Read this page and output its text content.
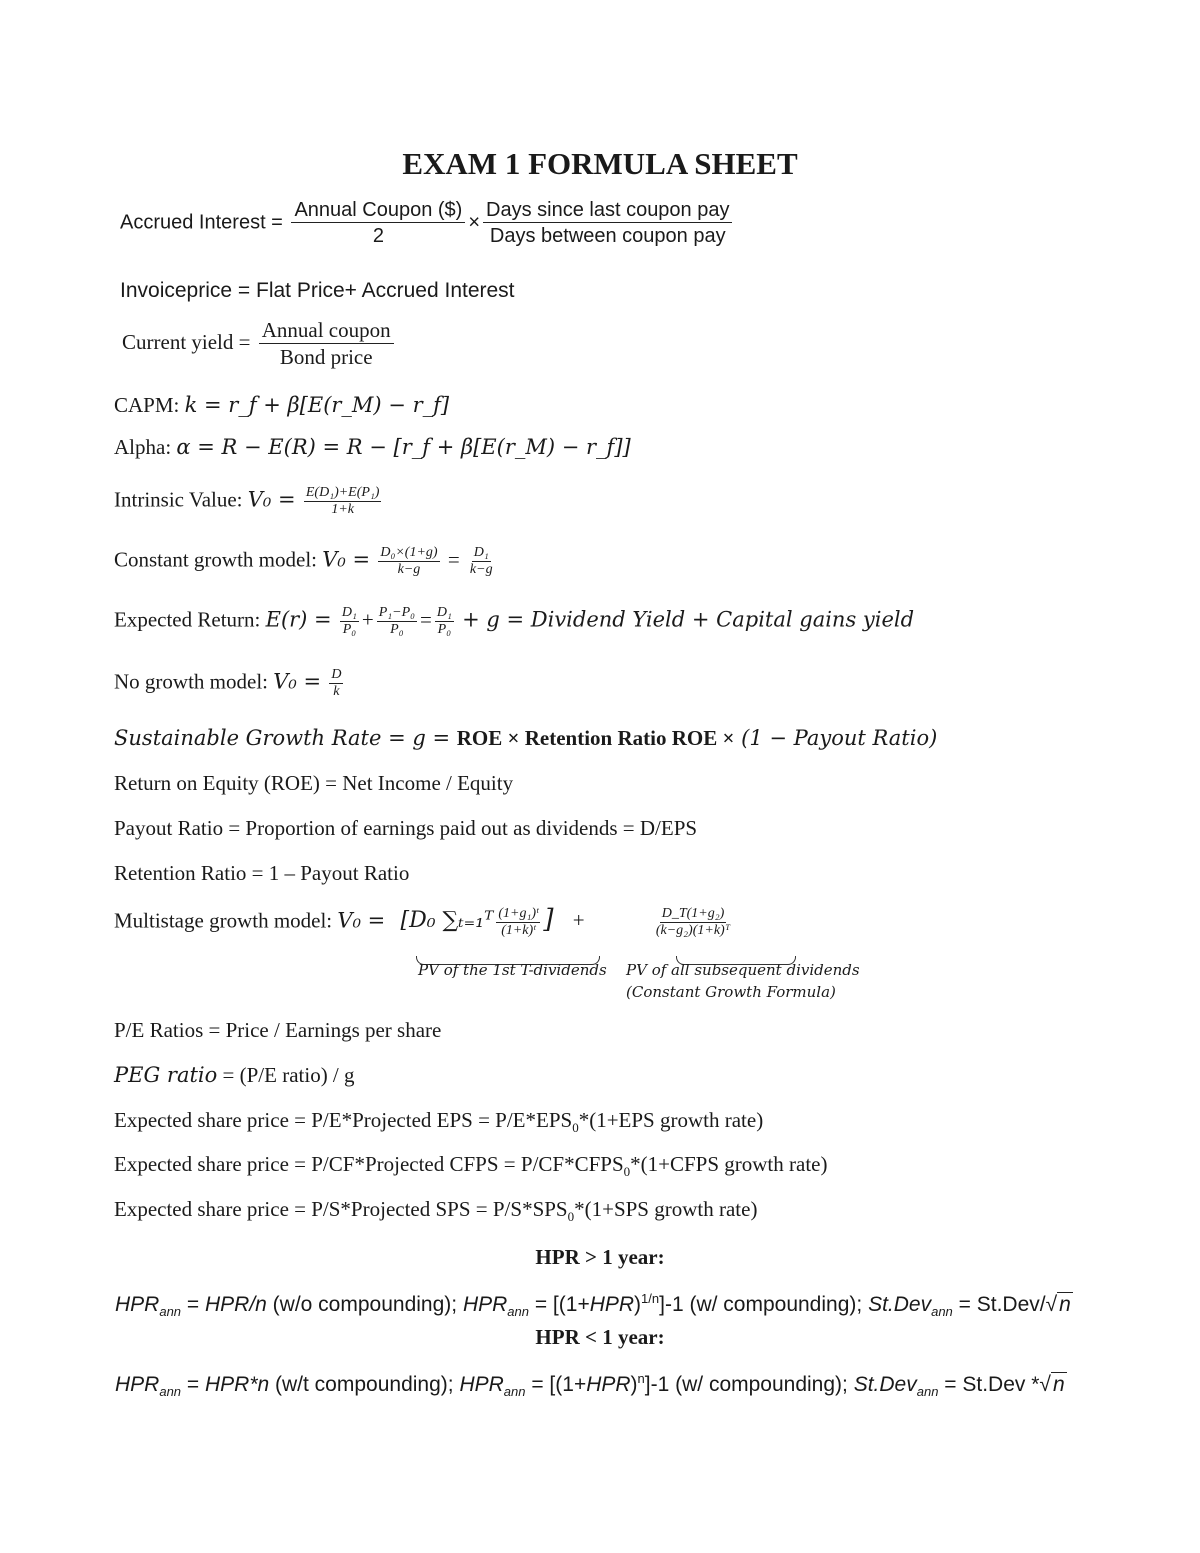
EXAM 1 FORMULA SHEET
Accrued Interest = $\frac{\text{Annual Coupon (\$)}}{2} \times \frac{\text{Days since last coupon pay}}{\text{Days between coupon pay}}$
Invoiceprice = Flat Price+ Accrued Interest
Current yield = $\frac{\text{Annual coupon}}{\text{Bond price}}$
CAPM: k = r_f + β[E(r_M) − r_f]
Alpha: α = R − E(R) = R − [r_f + β[E(r_M) − r_f]]
Intrinsic Value: $V_0 = \frac{\text{E(D₁)+E(P₁)}}{1+k}$
Constant growth model: $V_0 = \frac{\text{D₀×(1+g)}}{k-g} = \frac{\text{D₁}}{k-g}$
Expected Return: $E(r) = \frac{\text{D₁}}{\text{P₀}} + \frac{\text{P₁−P₀}}{\text{P₀}} = \frac{\text{D₁}}{\text{P₀}} + g$ = Dividend Yield + Capital gains yield
No growth model: $V_0 = \frac{D}{k}$
Sustainable Growth Rate = g = ROE × Retention Ratio ROE × (1 − Payout Ratio)
Return on Equity (ROE) = Net Income / Equity
Payout Ratio = Proportion of earnings paid out as dividends = D/EPS
Retention Ratio = 1 – Payout Ratio
Multistage growth model: V₀ = [D₀ ∑ₜ₌₁ᵀ $\frac{\text{(1+g₁)ᵗ}}{\text{(1+k)ᵗ}}$ ] +	$\frac{\text{D\_T(1+g₂)}}{\text{(k−g₂)(1+k)ᵀ}}$
PV of the 1st T-dividends PV of all subsequent dividends
(Constant Growth Formula)
P/E Ratios = Price / Earnings per share
PEG ratio = (P/E ratio) / g
Expected share price = P/E*Projected EPS = $P/E*EPS_0*(1+EPS$ growth rate)
Expected share price = P/CF*Projected CFPS = $P/CF*CFPS_0*(1+CFPS$ growth rate)
Expected share price = P/S*Projected SPS = $P/S*SPS_0*(1+SPS$ growth rate)
HPR > 1 year:
$HPR_{ann} = HPR/n$ (w/o compounding); $HPR_{ann} = [(1+HPR)^{1/n}]-1$ (w/ compounding); St.Dev$_{ann}$ = St.Dev/√n
HPR < 1 year:
$HPR_{ann} = HPR*n$ (w/t compounding); $HPR_{ann} = [(1+HPR)^n]-1$ (w/ compounding); St.Dev$_{ann}$ = St.Dev *√n
